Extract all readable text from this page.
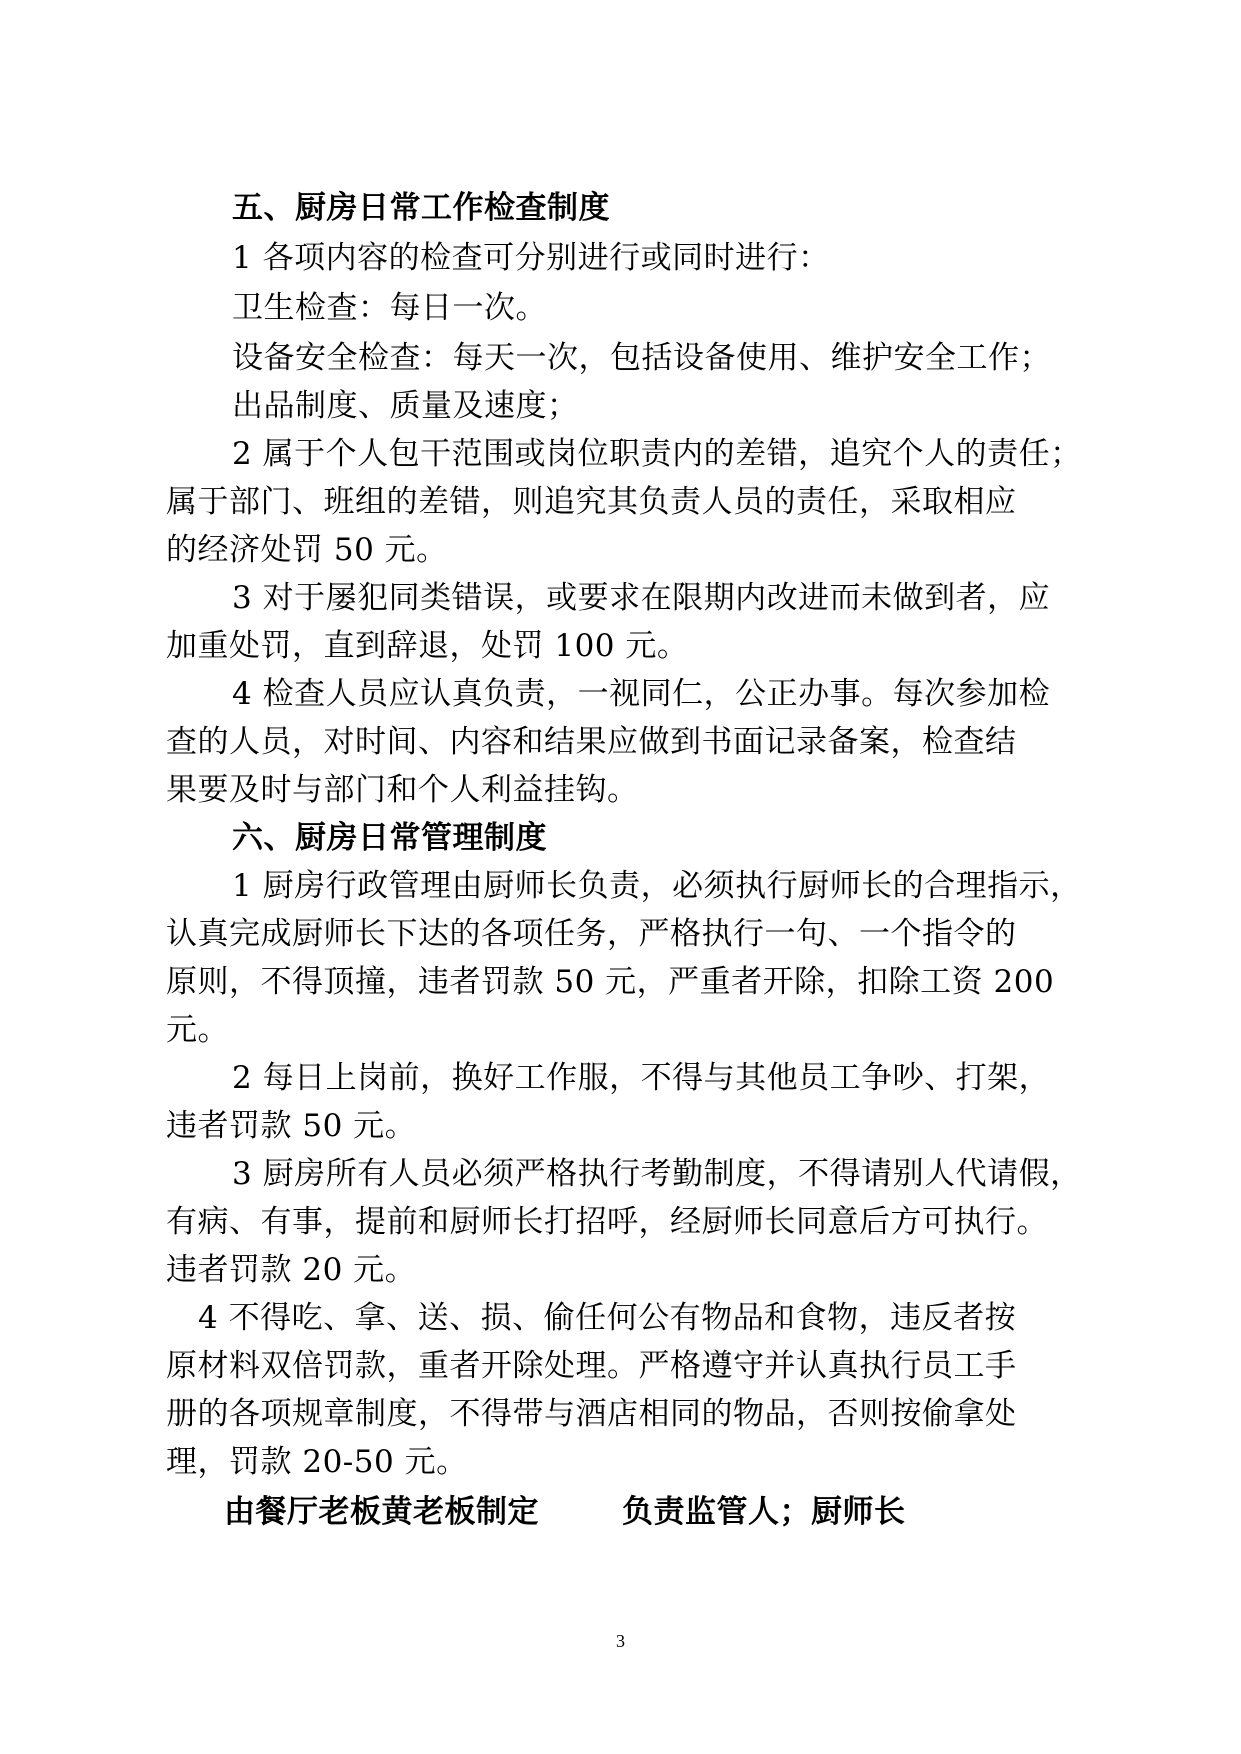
五、厨房日常工作检查制度
1 各项内容的检查可分别进行或同时进行：
卫生检查：每日一次。
设备安全检查：每天一次，包括设备使用、维护安全工作；
出品制度、质量及速度；
2 属于个人包干范围或岗位职责内的差错，追究个人的责任；
属于部门、班组的差错，则追究其负责人员的责任，采取相应
的经济处罚 50 元。
3 对于屡犯同类错误，或要求在限期内改进而未做到者，应
加重处罚，直到辞退，处罚 100 元。
4 检查人员应认真负责，一视同仁，公正办事。每次参加检
查的人员，对时间、内容和结果应做到书面记录备案，检查结
果要及时与部门和个人利益挂钩。
六、厨房日常管理制度
1 厨房行政管理由厨师长负责，必须执行厨师长的合理指示，
认真完成厨师长下达的各项任务，严格执行一句、一个指令的
原则，不得顶撞，违者罚款 50 元，严重者开除，扣除工资 200
元。
2 每日上岗前，换好工作服，不得与其他员工争吵、打架，
违者罚款 50 元。
3 厨房所有人员必须严格执行考勤制度，不得请别人代请假，
有病、有事，提前和厨师长打招呼，经厨师长同意后方可执行。
违者罚款 20 元。
4 不得吃、拿、送、损、偷任何公有物品和食物，违反者按
原材料双倍罚款，重者开除处理。严格遵守并认真执行员工手
册的各项规章制度，不得带与酒店相同的物品，否则按偷拿处
理，罚款 20-50 元。
由餐厅老板黄老板制定	负责监管人；厨师长
3
